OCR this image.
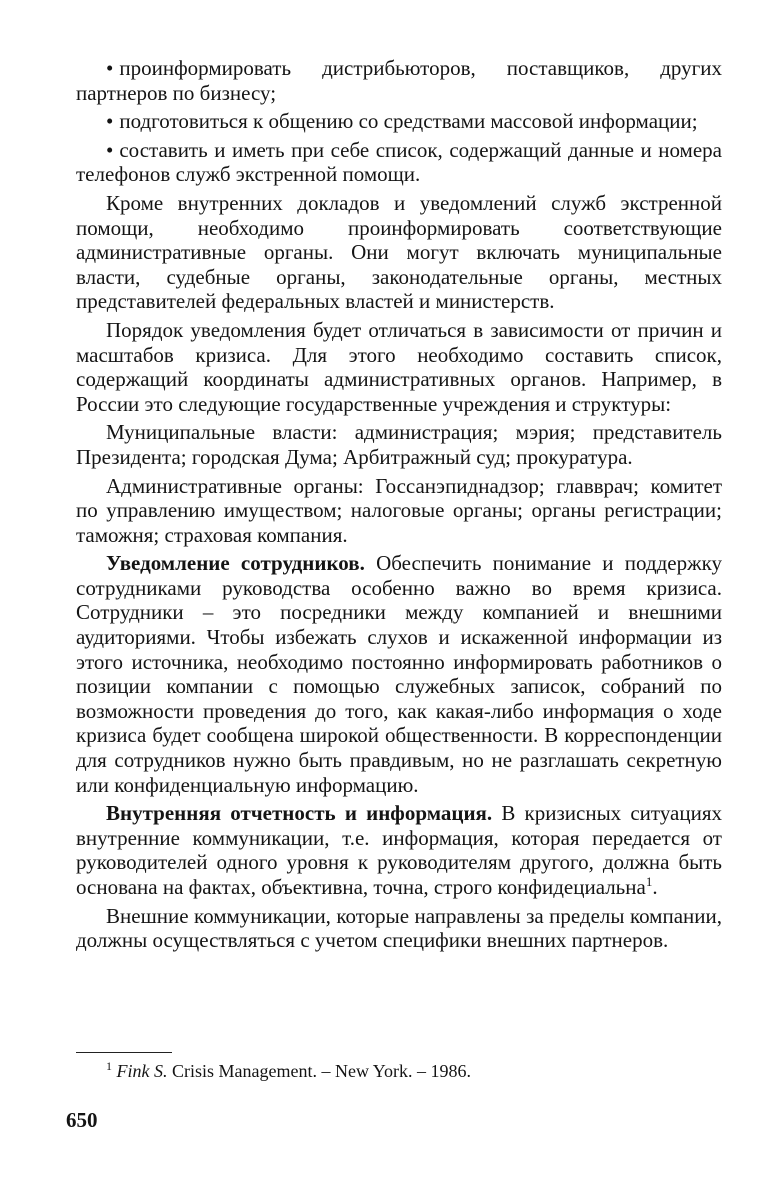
• проинформировать дистрибьюторов, поставщиков, других партнеров по бизнесу;

• подготовиться к общению со средствами массовой информации;

• составить и иметь при себе список, содержащий данные и номера телефонов служб экстренной помощи.

Кроме внутренних докладов и уведомлений служб экстренной помощи, необходимо проинформировать соответствующие административные органы. Они могут включать муниципальные власти, судебные органы, законодательные органы, местных представителей федеральных властей и министерств.

Порядок уведомления будет отличаться в зависимости от причин и масштабов кризиса. Для этого необходимо составить список, содержащий координаты административных органов. Например, в России это следующие государственные учреждения и структуры:

Муниципальные власти: администрация; мэрия; представитель Президента; городская Дума; Арбитражный суд; прокуратура.

Административные органы: Госсанэпиднадзор; главврач; комитет по управлению имуществом; налоговые органы; органы регистрации; таможня; страховая компания.

Уведомление сотрудников. Обеспечить понимание и поддержку сотрудниками руководства особенно важно во время кризиса. Сотрудники – это посредники между компанией и внешними аудиториями. Чтобы избежать слухов и искаженной информации из этого источника, необходимо постоянно информировать работников о позиции компании с помощью служебных записок, собраний по возможности проведения до того, как какая-либо информация о ходе кризиса будет сообщена широкой общественности. В корреспонденции для сотрудников нужно быть правдивым, но не разглашать секретную или конфиденциальную информацию.

Внутренняя отчетность и информация. В кризисных ситуациях внутренние коммуникации, т.е. информация, которая передается от руководителей одного уровня к руководителям другого, должна быть основана на фактах, объективна, точна, строго конфидециальна$^1$.

Внешние коммуникации, которые направлены за пределы компании, должны осуществляться с учетом специфики внешних партнеров.

$^1$ Fink S. Crisis Management. – New York. – 1986.
650
